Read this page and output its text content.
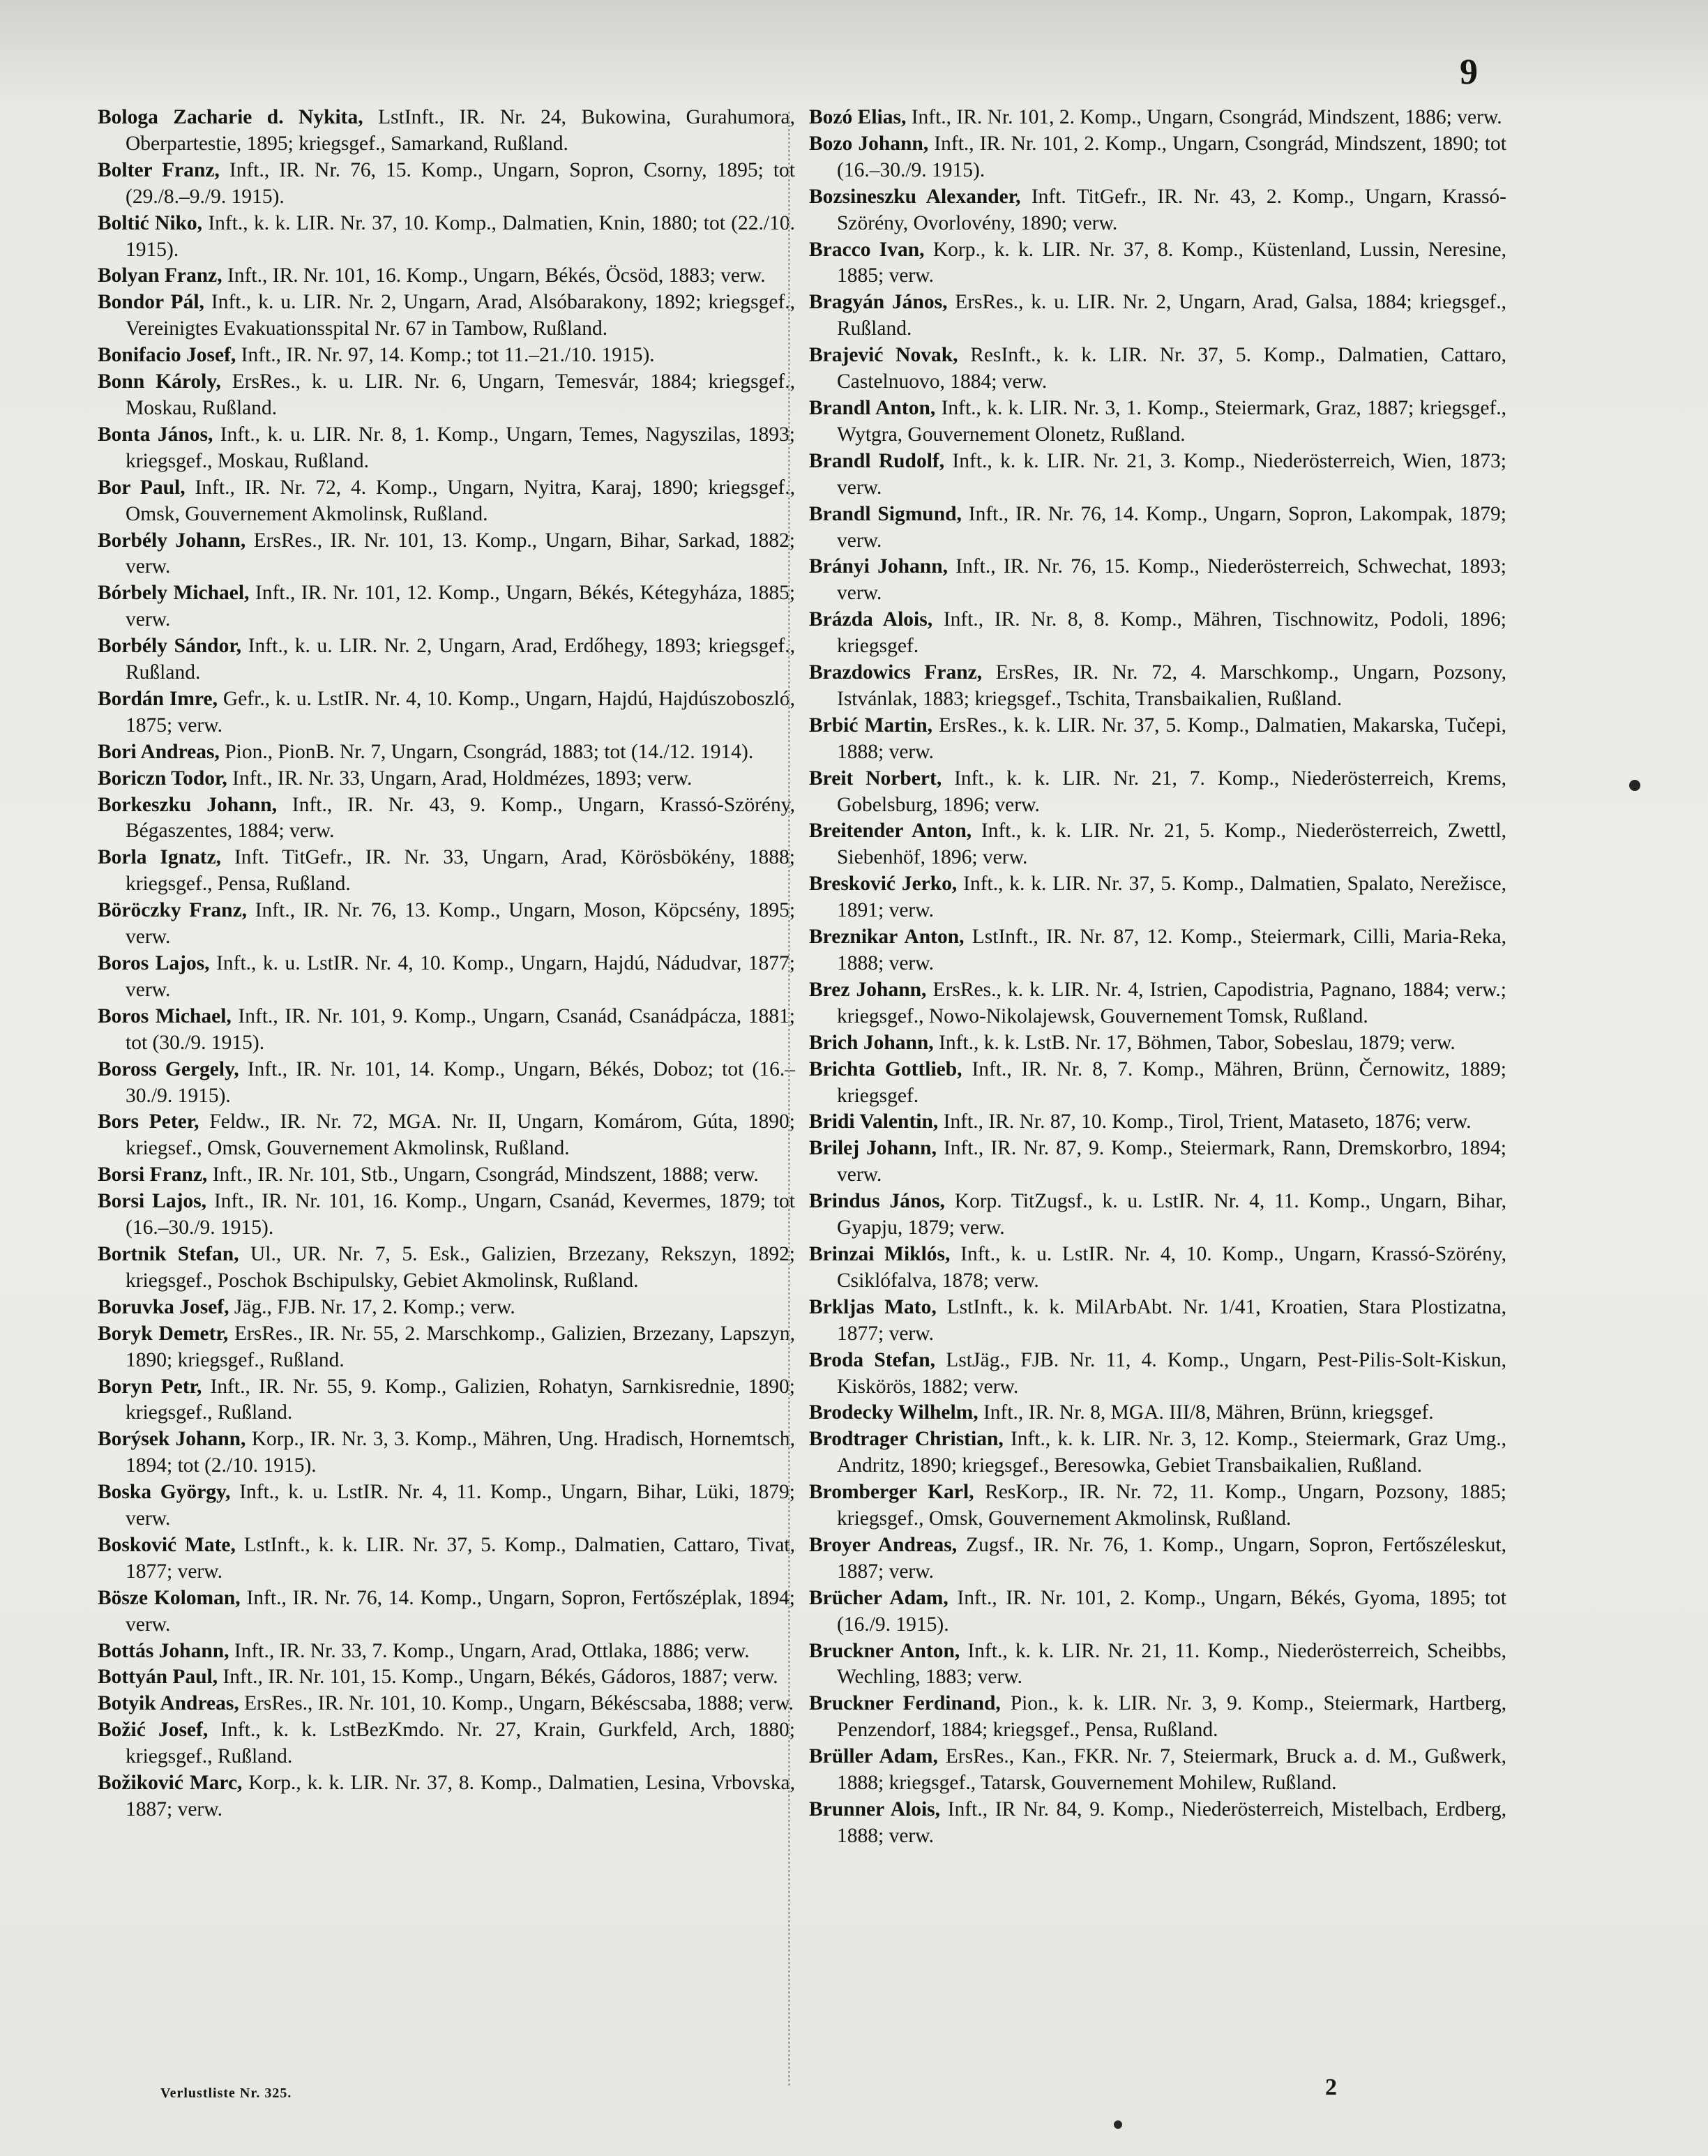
9

Bologa Zacharie d. Nykita, LstInft., IR. Nr. 24, Bukowina, Gurahumora, Oberpartestie, 1895; kriegsgef., Samarkand, Rußland.

Bolter Franz, Inft., IR. Nr. 76, 15. Komp., Ungarn, Sopron, Csorny, 1895; tot (29./8.–9./9. 1915).

Boltić Niko, Inft., k. k. LIR. Nr. 37, 10. Komp., Dalmatien, Knin, 1880; tot (22./10. 1915).

Bolyan Franz, Inft., IR. Nr. 101, 16. Komp., Ungarn, Békés, Öcsöd, 1883; verw.

Bondor Pál, Inft., k. u. LIR. Nr. 2, Ungarn, Arad, Alsóbarakony, 1892; kriegsgef., Vereinigtes Evakuationsspital Nr. 67 in Tambow, Rußland.

Bonifacio Josef, Inft., IR. Nr. 97, 14. Komp.; tot 11.–21./10. 1915).

Bonn Károly, ErsRes., k. u. LIR. Nr. 6, Ungarn, Temesvár, 1884; kriegsgef., Moskau, Rußland.

Bonta János, Inft., k. u. LIR. Nr. 8, 1. Komp., Ungarn, Temes, Nagyszilas, 1893; kriegsgef., Moskau, Rußland.

Bor Paul, Inft., IR. Nr. 72, 4. Komp., Ungarn, Nyitra, Karaj, 1890; kriegsgef., Omsk, Gouvernement Akmolinsk, Rußland.

Borbély Johann, ErsRes., IR. Nr. 101, 13. Komp., Ungarn, Bihar, Sarkad, 1882; verw.

Bórbely Michael, Inft., IR. Nr. 101, 12. Komp., Ungarn, Békés, Kétegyháza, 1885; verw.

Borbély Sándor, Inft., k. u. LIR. Nr. 2, Ungarn, Arad, Erdőhegy, 1893; kriegsgef., Rußland.

Bordán Imre, Gefr., k. u. LstIR. Nr. 4, 10. Komp., Ungarn, Hajdú, Hajdúszoboszló, 1875; verw.

Bori Andreas, Pion., PionB. Nr. 7, Ungarn, Csongrád, 1883; tot (14./12. 1914).

Boriczn Todor, Inft., IR. Nr. 33, Ungarn, Arad, Holdmézes, 1893; verw.

Borkeszku Johann, Inft., IR. Nr. 43, 9. Komp., Ungarn, Krassó-Szörény, Bégaszentes, 1884; verw.

Borla Ignatz, Inft. TitGefr., IR. Nr. 33, Ungarn, Arad, Körösbökény, 1888; kriegsgef., Pensa, Rußland.

Böröczky Franz, Inft., IR. Nr. 76, 13. Komp., Ungarn, Moson, Köpcsény, 1895; verw.

Boros Lajos, Inft., k. u. LstIR. Nr. 4, 10. Komp., Ungarn, Hajdú, Nádudvar, 1877; verw.

Boros Michael, Inft., IR. Nr. 101, 9. Komp., Ungarn, Csanád, Csanádpácza, 1881; tot (30./9. 1915).

Boross Gergely, Inft., IR. Nr. 101, 14. Komp., Ungarn, Békés, Doboz; tot (16.–30./9. 1915).

Bors Peter, Feldw., IR. Nr. 72, MGA. Nr. II, Ungarn, Komárom, Gúta, 1890; kriegsef., Omsk, Gouvernement Akmolinsk, Rußland.

Borsi Franz, Inft., IR. Nr. 101, Stb., Ungarn, Csongrád, Mindszent, 1888; verw.

Borsi Lajos, Inft., IR. Nr. 101, 16. Komp., Ungarn, Csanád, Kevermes, 1879; tot (16.–30./9. 1915).

Bortnik Stefan, Ul., UR. Nr. 7, 5. Esk., Galizien, Brzezany, Rekszyn, 1892; kriegsgef., Poschok Bschipulsky, Gebiet Akmolinsk, Rußland.

Boruvka Josef, Jäg., FJB. Nr. 17, 2. Komp.; verw.

Boryk Demetr, ErsRes., IR. Nr. 55, 2. Marschkomp., Galizien, Brzezany, Lapszyn, 1890; kriegsgef., Rußland.

Boryn Petr, Inft., IR. Nr. 55, 9. Komp., Galizien, Rohatyn, Sarnkisrednie, 1890; kriegsgef., Rußland.

Borýsek Johann, Korp., IR. Nr. 3, 3. Komp., Mähren, Ung. Hradisch, Hornemtsch, 1894; tot (2./10. 1915).

Boska György, Inft., k. u. LstIR. Nr. 4, 11. Komp., Ungarn, Bihar, Lüki, 1879; verw.

Bosković Mate, LstInft., k. k. LIR. Nr. 37, 5. Komp., Dalmatien, Cattaro, Tivat, 1877; verw.

Bösze Koloman, Inft., IR. Nr. 76, 14. Komp., Ungarn, Sopron, Fertőszéplak, 1894; verw.

Bottás Johann, Inft., IR. Nr. 33, 7. Komp., Ungarn, Arad, Ottlaka, 1886; verw.

Bottyán Paul, Inft., IR. Nr. 101, 15. Komp., Ungarn, Békés, Gádoros, 1887; verw.

Botyik Andreas, ErsRes., IR. Nr. 101, 10. Komp., Ungarn, Békéscsaba, 1888; verw.

Božić Josef, Inft., k. k. LstBezKmdo. Nr. 27, Krain, Gurkfeld, Arch, 1880; kriegsgef., Rußland.

Božiković Marc, Korp., k. k. LIR. Nr. 37, 8. Komp., Dalmatien, Lesina, Vrbovska, 1887; verw.

Bozó Elias, Inft., IR. Nr. 101, 2. Komp., Ungarn, Csongrád, Mindszent, 1886; verw.

Bozo Johann, Inft., IR. Nr. 101, 2. Komp., Ungarn, Csongrád, Mindszent, 1890; tot (16.–30./9. 1915).

Bozsineszku Alexander, Inft. TitGefr., IR. Nr. 43, 2. Komp., Ungarn, Krassó-Szörény, Ovorlovény, 1890; verw.

Bracco Ivan, Korp., k. k. LIR. Nr. 37, 8. Komp., Küstenland, Lussin, Neresine, 1885; verw.

Bragyán János, ErsRes., k. u. LIR. Nr. 2, Ungarn, Arad, Galsa, 1884; kriegsgef., Rußland.

Brajević Novak, ResInft., k. k. LIR. Nr. 37, 5. Komp., Dalmatien, Cattaro, Castelnuovo, 1884; verw.

Brandl Anton, Inft., k. k. LIR. Nr. 3, 1. Komp., Steiermark, Graz, 1887; kriegsgef., Wytgra, Gouvernement Olonetz, Rußland.

Brandl Rudolf, Inft., k. k. LIR. Nr. 21, 3. Komp., Niederösterreich, Wien, 1873; verw.

Brandl Sigmund, Inft., IR. Nr. 76, 14. Komp., Ungarn, Sopron, Lakompak, 1879; verw.

Brányi Johann, Inft., IR. Nr. 76, 15. Komp., Niederösterreich, Schwechat, 1893; verw.

Brázda Alois, Inft., IR. Nr. 8, 8. Komp., Mähren, Tischnowitz, Podoli, 1896; kriegsgef.

Brazdowics Franz, ErsRes, IR. Nr. 72, 4. Marschkomp., Ungarn, Pozsony, Istvánlak, 1883; kriegsgef., Tschita, Transbaikalien, Rußland.

Brbić Martin, ErsRes., k. k. LIR. Nr. 37, 5. Komp., Dalmatien, Makarska, Tučepi, 1888; verw.

Breit Norbert, Inft., k. k. LIR. Nr. 21, 7. Komp., Niederösterreich, Krems, Gobelsburg, 1896; verw.

Breitender Anton, Inft., k. k. LIR. Nr. 21, 5. Komp., Niederösterreich, Zwettl, Siebenhöf, 1896; verw.

Bresković Jerko, Inft., k. k. LIR. Nr. 37, 5. Komp., Dalmatien, Spalato, Nerežisce, 1891; verw.

Breznikar Anton, LstInft., IR. Nr. 87, 12. Komp., Steiermark, Cilli, Maria-Reka, 1888; verw.

Brez Johann, ErsRes., k. k. LIR. Nr. 4, Istrien, Capodistria, Pagnano, 1884; verw.; kriegsgef., Nowo-Nikolajewsk, Gouvernement Tomsk, Rußland.

Brich Johann, Inft., k. k. LstB. Nr. 17, Böhmen, Tabor, Sobeslau, 1879; verw.

Brichta Gottlieb, Inft., IR. Nr. 8, 7. Komp., Mähren, Brünn, Černowitz, 1889; kriegsgef.

Bridi Valentin, Inft., IR. Nr. 87, 10. Komp., Tirol, Trient, Mataseto, 1876; verw.

Brilej Johann, Inft., IR. Nr. 87, 9. Komp., Steiermark, Rann, Dremskorbro, 1894; verw.

Brindus János, Korp. TitZugsf., k. u. LstIR. Nr. 4, 11. Komp., Ungarn, Bihar, Gyapju, 1879; verw.

Brinzai Miklós, Inft., k. u. LstIR. Nr. 4, 10. Komp., Ungarn, Krassó-Szörény, Csiklófalva, 1878; verw.

Brkljas Mato, LstInft., k. k. MilArbAbt. Nr. 1/41, Kroatien, Stara Plostizatna, 1877; verw.

Broda Stefan, LstJäg., FJB. Nr. 11, 4. Komp., Ungarn, Pest-Pilis-Solt-Kiskun, Kiskörös, 1882; verw.

Brodecky Wilhelm, Inft., IR. Nr. 8, MGA. III/8, Mähren, Brünn, kriegsgef.

Brodtrager Christian, Inft., k. k. LIR. Nr. 3, 12. Komp., Steiermark, Graz Umg., Andritz, 1890; kriegsgef., Beresowka, Gebiet Transbaikalien, Rußland.

Bromberger Karl, ResKorp., IR. Nr. 72, 11. Komp., Ungarn, Pozsony, 1885; kriegsgef., Omsk, Gouvernement Akmolinsk, Rußland.

Broyer Andreas, Zugsf., IR. Nr. 76, 1. Komp., Ungarn, Sopron, Fertőszéleskut, 1887; verw.

Brücher Adam, Inft., IR. Nr. 101, 2. Komp., Ungarn, Békés, Gyoma, 1895; tot (16./9. 1915).

Bruckner Anton, Inft., k. k. LIR. Nr. 21, 11. Komp., Niederösterreich, Scheibbs, Wechling, 1883; verw.

Bruckner Ferdinand, Pion., k. k. LIR. Nr. 3, 9. Komp., Steiermark, Hartberg, Penzendorf, 1884; kriegsgef., Pensa, Rußland.

Brüller Adam, ErsRes., Kan., FKR. Nr. 7, Steiermark, Bruck a. d. M., Gußwerk, 1888; kriegsgef., Tatarsk, Gouvernement Mohilew, Rußland.

Brunner Alois, Inft., IR Nr. 84, 9. Komp., Niederösterreich, Mistelbach, Erdberg, 1888; verw.

Verlustliste Nr. 325.	2
